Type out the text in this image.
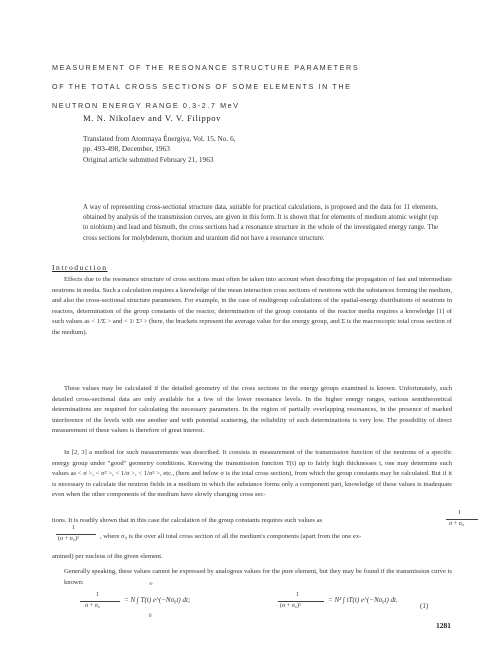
MEASUREMENT OF THE RESONANCE STRUCTURE PARAMETERS
OF THE TOTAL CROSS SECTIONS OF SOME ELEMENTS IN THE
NEUTRON ENERGY RANGE 0.3-2.7 MeV
M. N. Nikolaev and V. V. Filippov
Translated from Atomnaya Énergiya, Vol. 15, No. 6,
pp. 493-498, December, 1963
Original article submitted February 21, 1963
A way of representing cross-sectional structure data, suitable for practical calculations, is proposed and the data for 11 elements, obtained by analysis of the transmission curves, are given in this form. It is shown that for elements of medium atomic weight (up to niobium) and lead and bismuth, the cross sections had a resonance structure in the whole of the investigated energy range. The cross sections for molybdenum, thorium and uranium did not have a resonance structure.
Introduction
Effects due to the resonance structure of cross sections must often be taken into account when describing the propagation of fast and intermediate neutrons in media. Such a calculation requires a knowledge of the mean interaction cross sections of neutrons with the substances forming the medium, and also the cross-sectional structure parameters. For example, in the case of multigroup calculations of the spatial-energy distributions of neutrons in reactors, determination of the group constants of the reactor, determination of the group constants of the reactor media requires a knowledge [1] of such values as < 1/Σ > and < 1/ Σ² > (here, the brackets represent the average value for the energy group, and Σ is the macroscopic total cross section of the medium).
These values may be calculated if the detailed geometry of the cross sections in the energy groups examined is known. Unfortunately, such detailed cross-sectional data are only available for a few of the lower resonance levels. In the higher energy ranges, various semitheoretical determinations are required for calculating the necessary parameters. In the region of partially overlapping resonances, in the presence of marked interference of the levels with one another and with potential scattering, the reliability of such determinations is very low. The possibility of direct measurement of these values is therefore of great interest.
In [2, 3] a method for such measurements was described. It consists in measurement of the transmission function of the neutrons of a specific energy group under "good" geometry conditions. Knowing the transmission function T(t) up to fairly high thicknesses t, one may determine such values as < σ >, < σ² >, < 1/σ >, < 1/σ² >, etc., (here and below σ is the total cross section), from which the group constants may be calculated. But if it is necessary to calculate the neutron fields in a medium in which the substance forms only a component part, knowledge of these values is inadequate even when the other components of the medium have slowly changing cross sec-
tions. It is readily shown that in this case the calculation of the group constants requires such values as
1
σ + σ₀
1
(σ + σ₀)²	, where σ₀ is the over all total cross section of all the medium's components (apart from the one ex-
amined) per nucleus of the given element.
Generally speaking, these values cannot be expressed by analogous values for the pure element, but they may be found if the transmission curve is known:
1
σ + σ₀
∞
0
= N ∫ T(t) e^(−Nσ₀t) dt;
1
(σ + σ₀)²
= N² ∫ tT(t) e^(−Nσ₀t) dt.
(1)
1281
